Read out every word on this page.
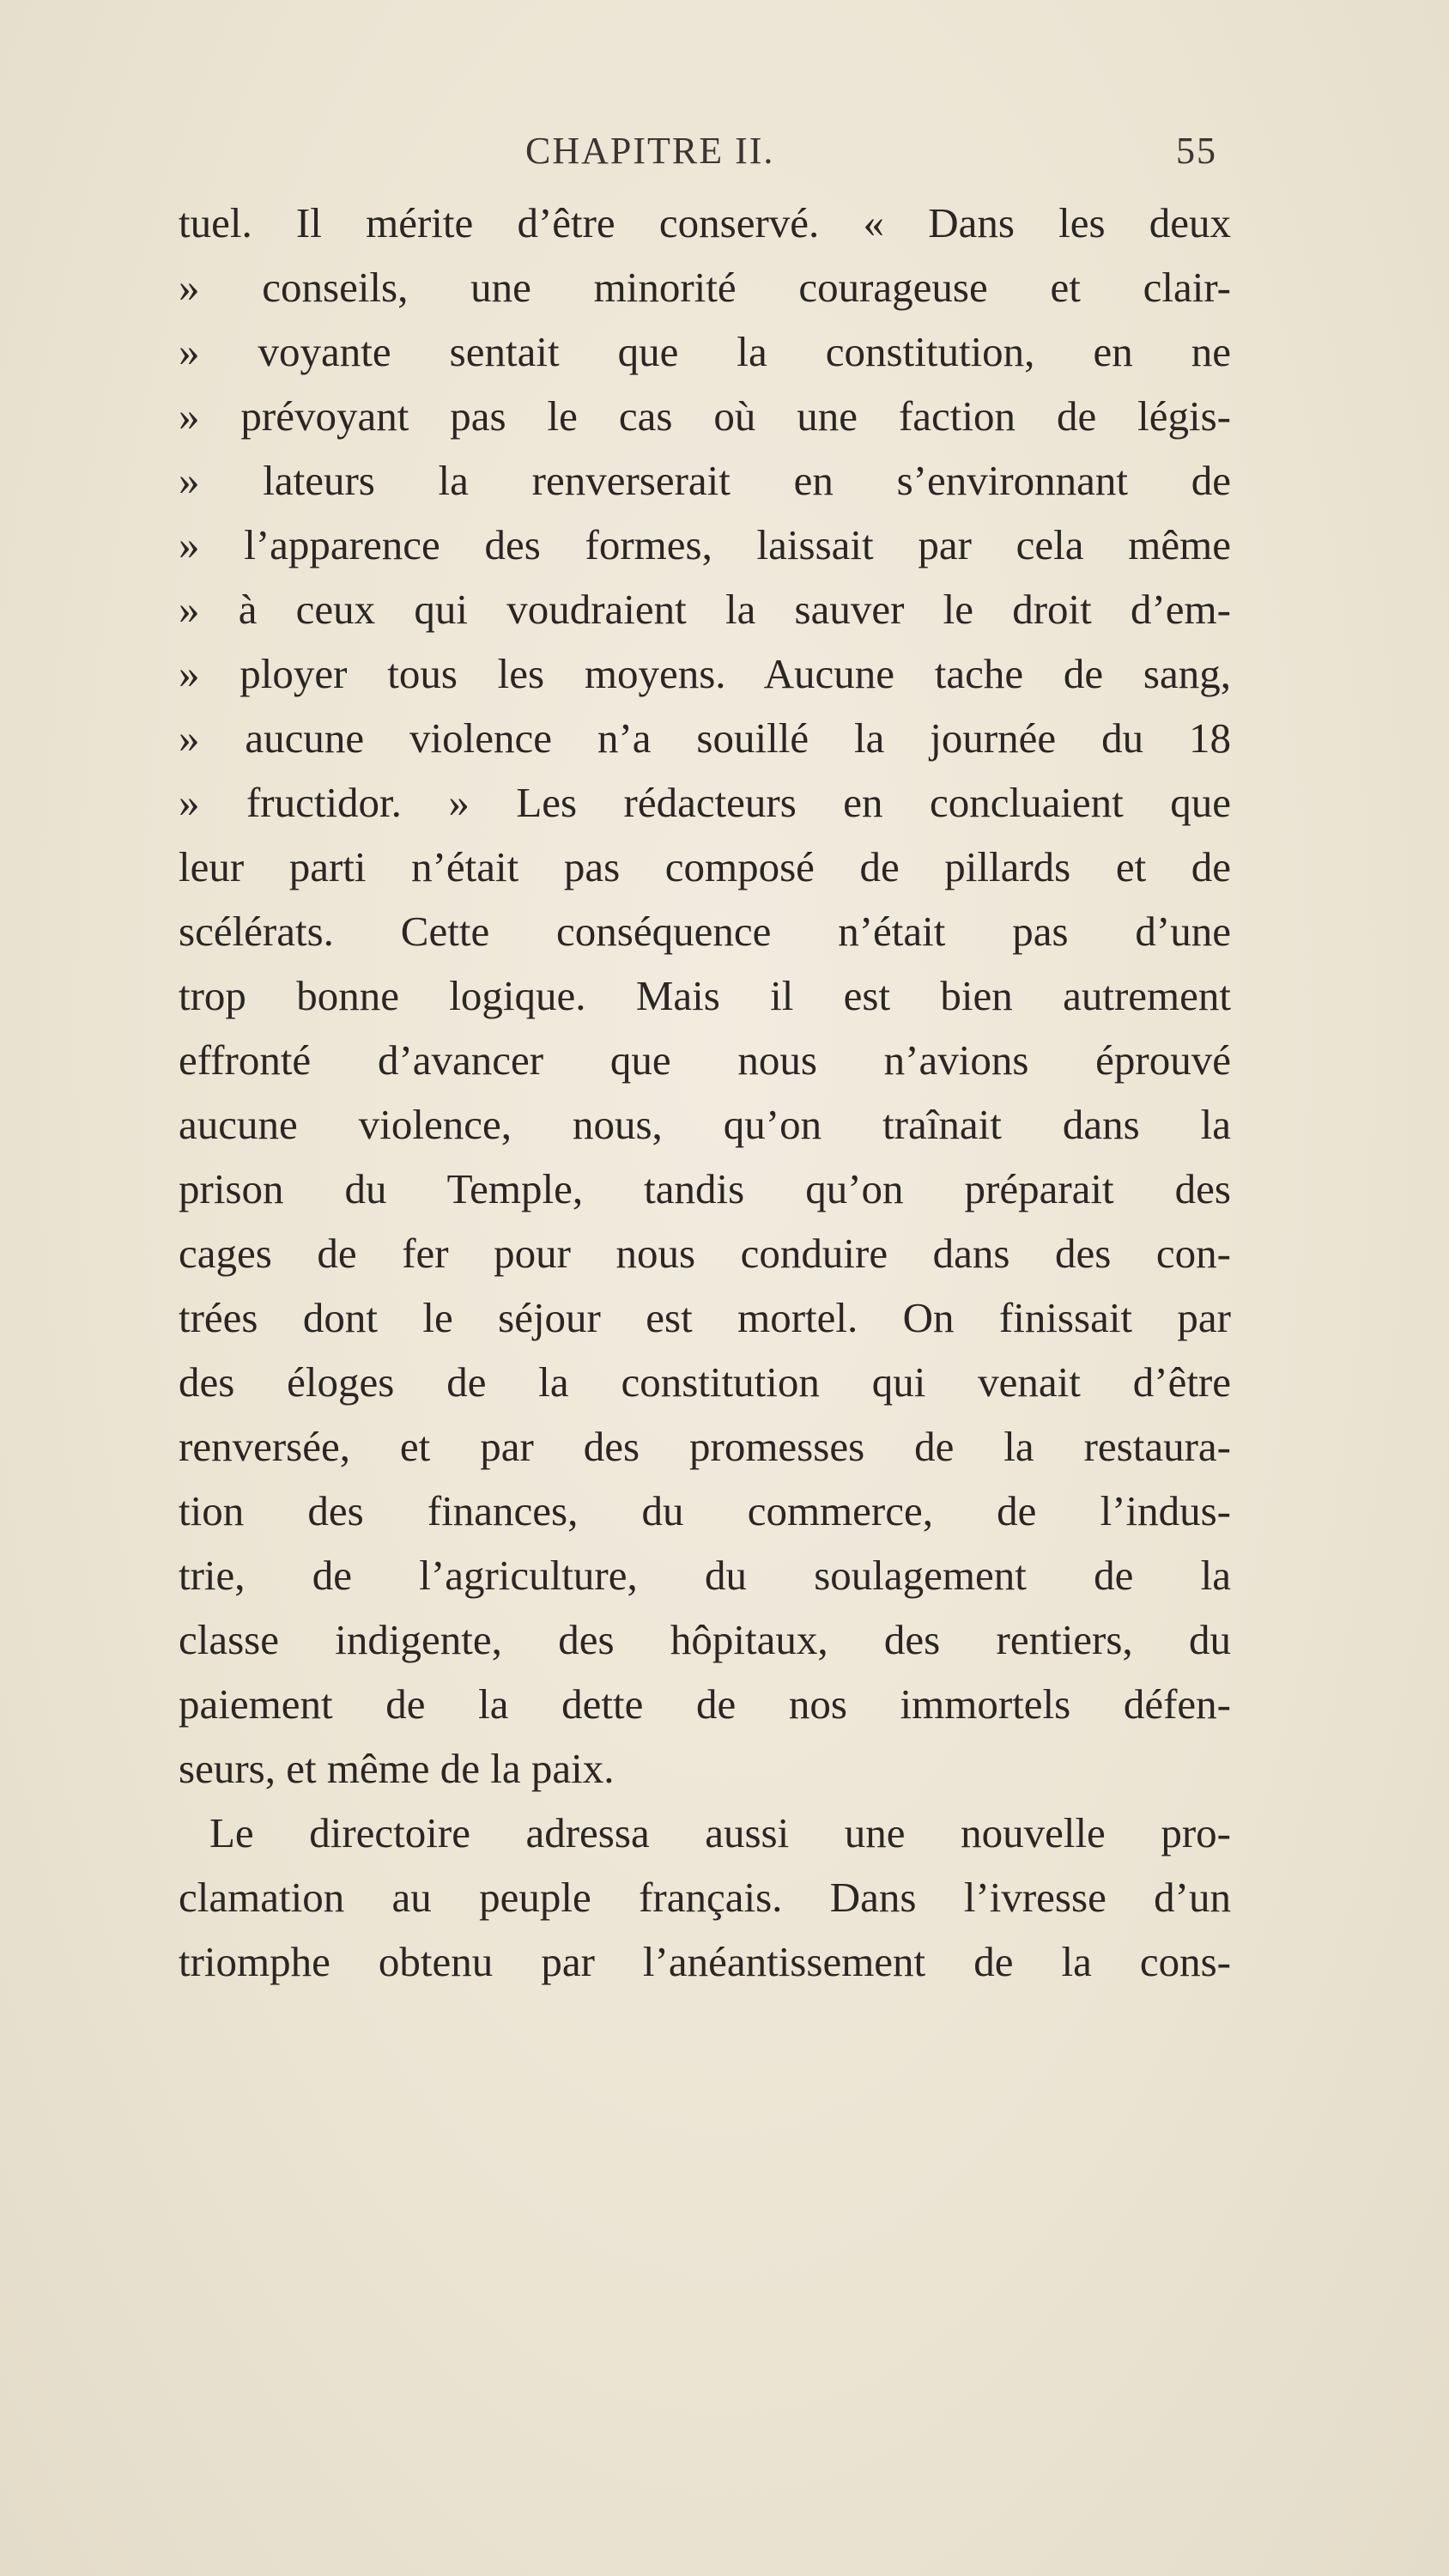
CHAPITRE II.	55
tuel. Il mérite d’être conservé. « Dans les deux
» conseils, une minorité courageuse et clair-
» voyante sentait que la constitution, en ne
» prévoyant pas le cas où une faction de légis-
» lateurs la renverserait en s’environnant de
» l’apparence des formes, laissait par cela même
» à ceux qui voudraient la sauver le droit d’em-
» ployer tous les moyens. Aucune tache de sang,
» aucune violence n’a souillé la journée du 18
» fructidor. » Les rédacteurs en concluaient que
leur parti n’était pas composé de pillards et de
scélérats. Cette conséquence n’était pas d’une
trop bonne logique. Mais il est bien autrement
effronté d’avancer que nous n’avions éprouvé
aucune violence, nous, qu’on traînait dans la
prison du Temple, tandis qu’on préparait des
cages de fer pour nous conduire dans des con-
trées dont le séjour est mortel. On finissait par
des éloges de la constitution qui venait d’être
renversée, et par des promesses de la restaura-
tion des finances, du commerce, de l’indus-
trie, de l’agriculture, du soulagement de la
classe indigente, des hôpitaux, des rentiers, du
paiement de la dette de nos immortels défen-
seurs, et même de la paix.
Le directoire adressa aussi une nouvelle pro-
clamation au peuple français. Dans l’ivresse d’un
triomphe obtenu par l’anéantissement de la cons-
